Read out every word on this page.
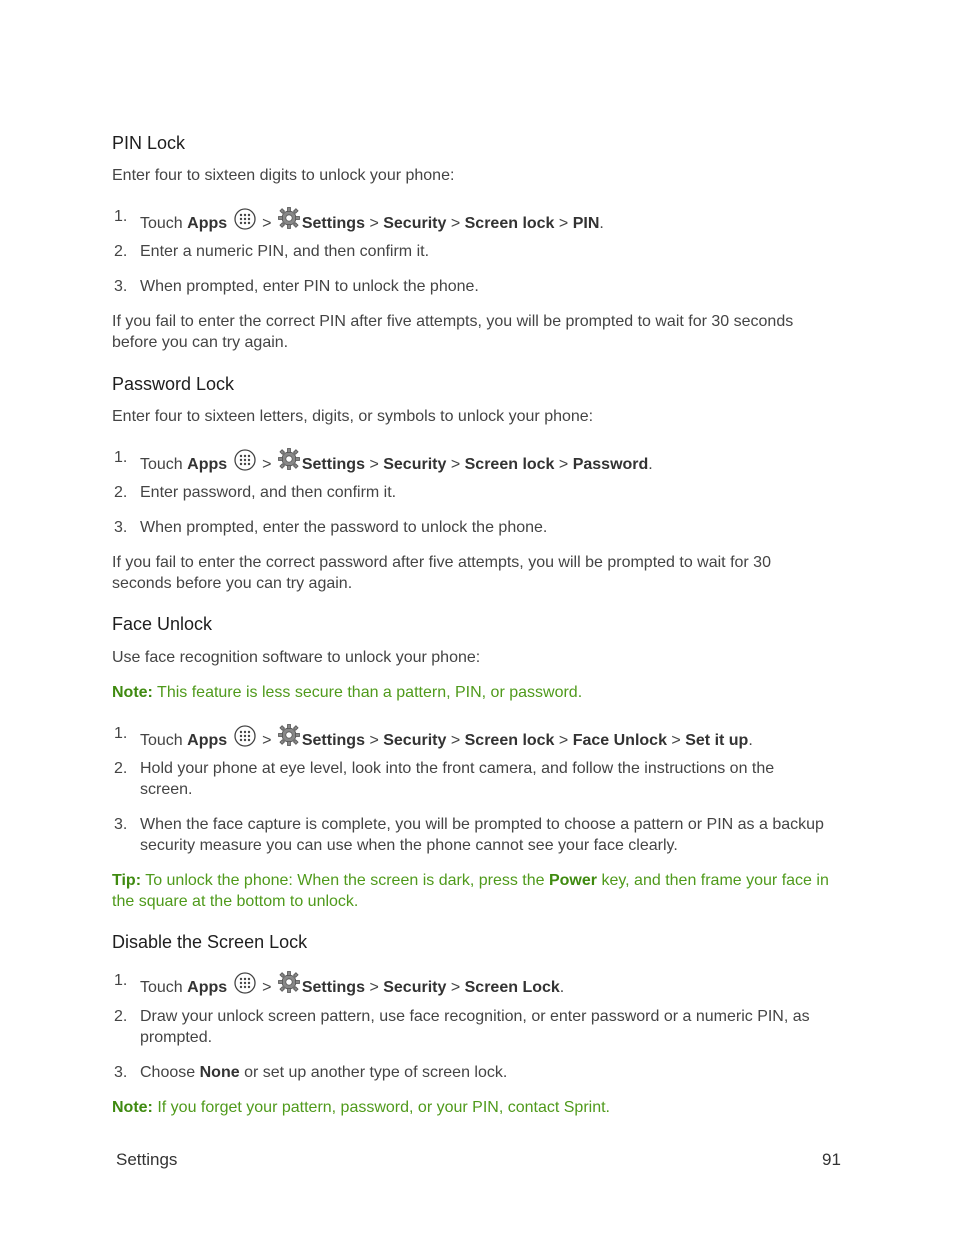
PIN Lock
Enter four to sixteen digits to unlock your phone:
1. Touch Apps > Settings > Security > Screen lock > PIN.
2. Enter a numeric PIN, and then confirm it.
3. When prompted, enter PIN to unlock the phone.
If you fail to enter the correct PIN after five attempts, you will be prompted to wait for 30 seconds before you can try again.
Password Lock
Enter four to sixteen letters, digits, or symbols to unlock your phone:
1. Touch Apps > Settings > Security > Screen lock > Password.
2. Enter password, and then confirm it.
3. When prompted, enter the password to unlock the phone.
If you fail to enter the correct password after five attempts, you will be prompted to wait for 30 seconds before you can try again.
Face Unlock
Use face recognition software to unlock your phone:
Note: This feature is less secure than a pattern, PIN, or password.
1. Touch Apps > Settings > Security > Screen lock > Face Unlock > Set it up.
2. Hold your phone at eye level, look into the front camera, and follow the instructions on the screen.
3. When the face capture is complete, you will be prompted to choose a pattern or PIN as a backup security measure you can use when the phone cannot see your face clearly.
Tip: To unlock the phone: When the screen is dark, press the Power key, and then frame your face in the square at the bottom to unlock.
Disable the Screen Lock
1. Touch Apps > Settings > Security > Screen Lock.
2. Draw your unlock screen pattern, use face recognition, or enter password or a numeric PIN, as prompted.
3. Choose None or set up another type of screen lock.
Note: If you forget your pattern, password, or your PIN, contact Sprint.
Settings	91
